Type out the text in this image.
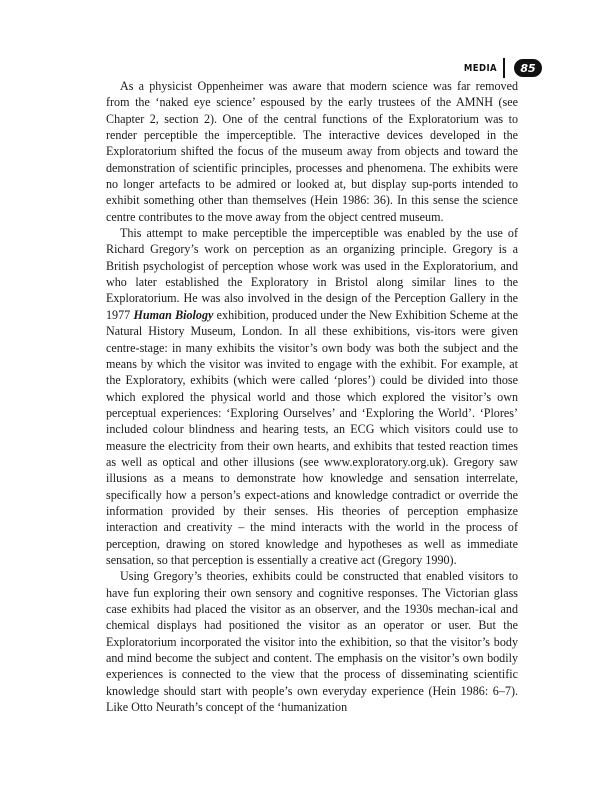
MEDIA	85

As a physicist Oppenheimer was aware that modern science was far removed from the ‘naked eye science’ espoused by the early trustees of the AMNH (see Chapter 2, section 2). One of the central functions of the Exploratorium was to render perceptible the imperceptible. The interactive devices developed in the Exploratorium shifted the focus of the museum away from objects and toward the demonstration of scientific principles, processes and phenomena. The exhibits were no longer artefacts to be admired or looked at, but display sup-ports intended to exhibit something other than themselves (Hein 1986: 36). In this sense the science centre contributes to the move away from the object centred museum.

This attempt to make perceptible the imperceptible was enabled by the use of Richard Gregory’s work on perception as an organizing principle. Gregory is a British psychologist of perception whose work was used in the Exploratorium, and who later established the Exploratory in Bristol along similar lines to the Exploratorium. He was also involved in the design of the Perception Gallery in the 1977 Human Biology exhibition, produced under the New Exhibition Scheme at the Natural History Museum, London. In all these exhibitions, vis-itors were given centre-stage: in many exhibits the visitor’s own body was both the subject and the means by which the visitor was invited to engage with the exhibit. For example, at the Exploratory, exhibits (which were called ‘plores’) could be divided into those which explored the physical world and those which explored the visitor’s own perceptual experiences: ‘Exploring Ourselves’ and ‘Exploring the World’. ‘Plores’ included colour blindness and hearing tests, an ECG which visitors could use to measure the electricity from their own hearts, and exhibits that tested reaction times as well as optical and other illusions (see www.exploratory.org.uk). Gregory saw illusions as a means to demonstrate how knowledge and sensation interrelate, specifically how a person’s expect-ations and knowledge contradict or override the information provided by their senses. His theories of perception emphasize interaction and creativity – the mind interacts with the world in the process of perception, drawing on stored knowledge and hypotheses as well as immediate sensation, so that perception is essentially a creative act (Gregory 1990).

Using Gregory’s theories, exhibits could be constructed that enabled visitors to have fun exploring their own sensory and cognitive responses. The Victorian glass case exhibits had placed the visitor as an observer, and the 1930s mechan-ical and chemical displays had positioned the visitor as an operator or user. But the Exploratorium incorporated the visitor into the exhibition, so that the visitor’s body and mind become the subject and content. The emphasis on the visitor’s own bodily experiences is connected to the view that the process of disseminating scientific knowledge should start with people’s own everyday experience (Hein 1986: 6–7). Like Otto Neurath’s concept of the ‘humanization
